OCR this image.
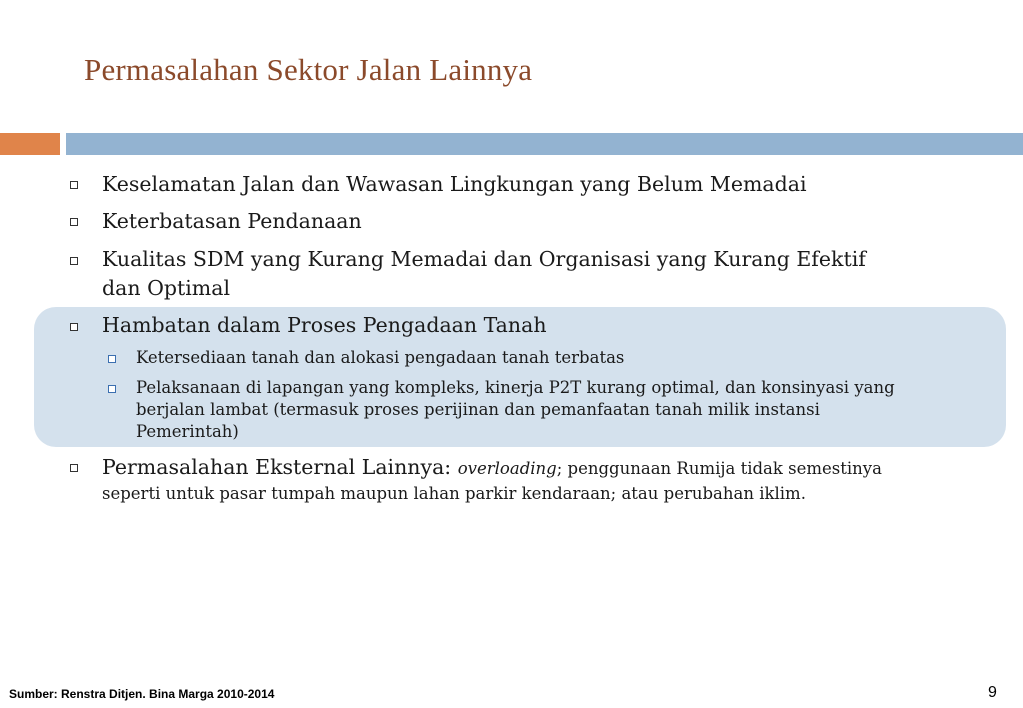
Permasalahan Sektor Jalan Lainnya
Keselamatan Jalan dan Wawasan Lingkungan yang Belum Memadai
Keterbatasan Pendanaan
Kualitas SDM yang Kurang Memadai dan Organisasi yang Kurang Efektif
dan Optimal
Hambatan dalam Proses Pengadaan Tanah
Ketersediaan tanah dan alokasi pengadaan tanah terbatas
Pelaksanaan di lapangan yang kompleks, kinerja P2T kurang optimal, dan konsinyasi yang
berjalan lambat (termasuk proses perijinan dan pemanfaatan tanah milik instansi
Pemerintah)
Permasalahan Eksternal Lainnya: overloading; penggunaan Rumija tidak semestinya
seperti untuk pasar tumpah maupun lahan parkir kendaraan; atau perubahan iklim.
Sumber: Renstra Ditjen. Bina Marga 2010-2014	9
